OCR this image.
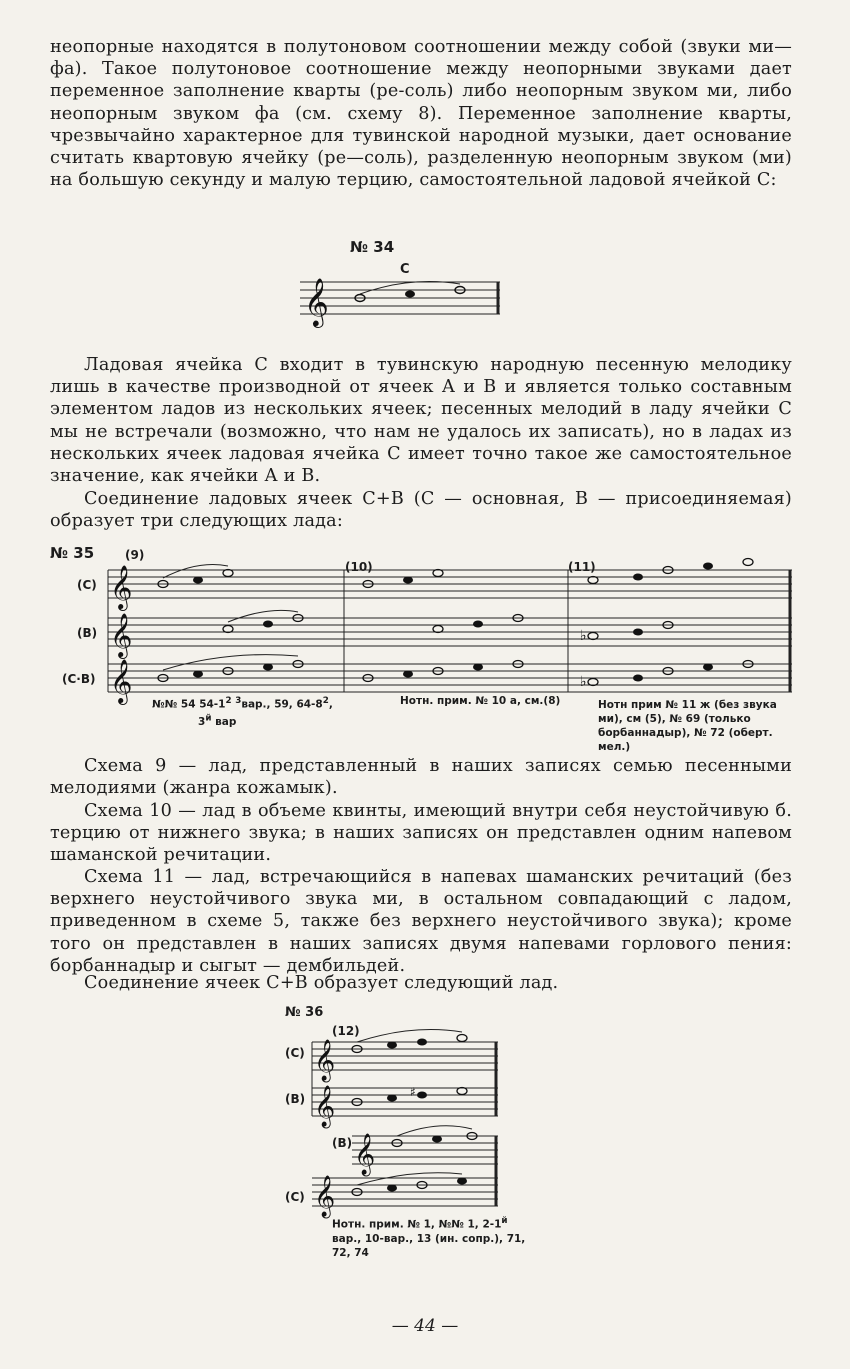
неопорные находятся в полутоновом соотношении между собой (звуки ми—фа). Такое полутоновое соотношение между неопорными звуками дает переменное заполнение кварты (ре-соль) либо неопорным звуком ми, либо неопорным звуком фа (см. схему 8). Переменное заполнение кварты, чрезвычайно характерное для тувинской народной музыки, дает основание считать квартовую ячейку (ре—соль), разделенную неопорным звуком (ми) на большую секунду и малую терцию, самостоятельной ладовой ячейкой С:

№ 34
С
𝄞

Ладовая ячейка С входит в тувинскую народную песенную мелодику лишь в качестве производной от ячеек А и В и является только составным элементом ладов из нескольких ячеек; песенных мелодий в ладу ячейки С мы не встречали (возможно, что нам не удалось их записать), но в ладах из нескольких ячеек ладовая ячейка С имеет точно такое же самостоятельное значение, как ячейки А и В.

Соединение ладовых ячеек С+В (С — основная, В — присоединяемая) образует три следующих лада:

№ 35	(9)
(10)	(11)
(С)
(В)
(С·В)
𝄞
𝄞
𝄞
♭
♭
№№ 54 $54-1^2$ $^3$вар., 59, $64-8^2$,
$3^й$ вар
Нотн. прим. № 10 а, см.(8)	Нотн прим № 11 ж (без звука ми), см (5), № 69 (только борбаннадыр), № 72 (оберт. мел.)

Схема 9 — лад, представленный в наших записях семью песенными мелодиями (жанра кожамык).

Схема 10 — лад в объеме квинты, имеющий внутри себя неустойчивую б. терцию от нижнего звука; в наших записях он представлен одним напевом шаманской речитации.

Схема 11 — лад, встречающийся в напевах шаманских речитаций (без верхнего неустойчивого звука ми, в остальном совпадающий с ладом, приведенном в схеме 5, также без верхнего неустойчивого звука); кроме того он представлен в наших записях двумя напевами горлового пения: борбаннадыр и сыгыт — дембильдей.

Соединение ячеек С+В образует следующий лад.

№ 36
(12)
(С)
(В)
(В)
(С)
𝄞
𝄞
𝄞
𝄞
♯
Нотн. прим. № 1, №№ 1, $2-1^й$ вар., 10-вар., 13 (ин. сопр.), 71, 72, 74
— 44 —
